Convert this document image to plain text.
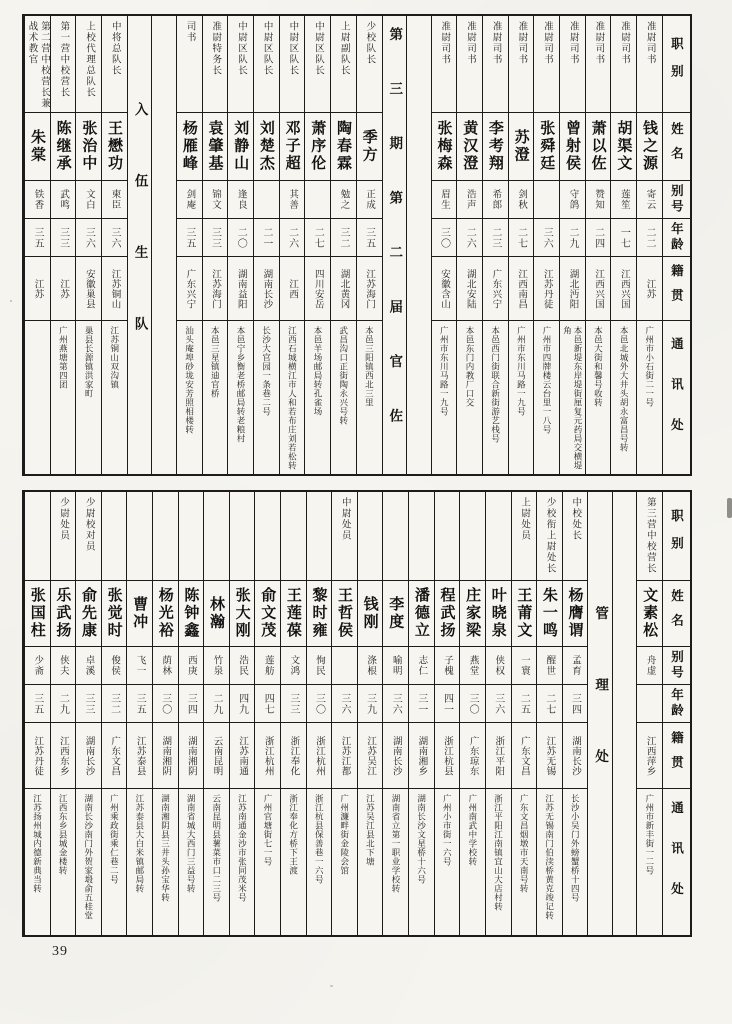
职别
姓名
别号
年龄
籍贯
通讯处
准尉司书
钱之源
寄云
二二
江苏
广州市小石街二一号
准尉司书
胡渠文
莲笙
一七
江西兴国
本邑北城外大井头胡永富昌号转
准尉司书
萧以佐
赞知
二四
江西兴国
本邑大街和馨号收转
准尉司书
曾射侯
守鸽
二九
湖北沔阳
本邑新堤东岸堤街厘复元药局交横堤角
准尉司书
张舜廷
三六
江苏丹徒
广州市四牌楼云台里一八号
准尉司书
苏澄
剑秋
二七
江西南昌
广州市东川马路一九号
准尉司书
李考翔
希郎
二三
广东兴宁
本邑西门街联合新街游艺栈号
准尉司书
黄汉澄
浩声
二六
湖北安陆
本邑东门内教厂口交
准尉司书
张梅森
眉生
三〇
安徽含山
广州市东川马路一九号
第三期第二届官佐
少校队长
季方
正成
三五
江苏海门
本邑三阳镇西北三里
上尉副队长
陶春霖
勉之
三二
湖北黄冈
武昌沟口正街陶永兴号转
中尉区队长
萧序伦
二七
四川安岳
本邑羊场邮局转孔雀场
中尉区队长
邓子超
其善
二六
江西
江西石城横江市人和若布庄刘若松转
中尉区队长
刘楚杰
二一
湖南长沙
长沙大官园一条巷二号
中尉区队长
刘静山
逢良
二〇
湖南益阳
本邑宁乡衡老桥邮局转老粮村
准尉特务长
袁肇基
锦文
三三
江苏海门
本邑三星镇迪官桥
司书
杨雁峰
剑庵
三五
广东兴宁
汕头庵埠砂垅安芳照相楼转
入伍生队
中将总队长
王懋功
柬臣
三六
江苏铜山
江苏铜山双沟镇
上校代理总队长
张治中
文白
三六
安徽巢县
巢县长源镇洪家町
第一营中校营长
陈继承
武鸣
三三
江苏
广州燕塘第四团
第二营中校营长兼战术教官
朱棠
铁香
三五
江苏
职别
姓名
别号
年龄
籍贯
通讯处
第三营中校营长
文素松
舟虚
江西萍乡
广州市新丰街一二号
管理处
中校处长
杨膺谓
孟育
三四
湖南长沙
长沙小吴门外螃蟹桥十四号
少校衔上尉处长
朱一鸣
醒世
二七
江苏无锡
江苏无锡南门伯渎桥黄克竣记转
上尉处员
王莆文
一寰
二五
广东文昌
广东文昌烟墩市天南号转
叶晓泉
侠权
三六
浙江平阳
浙江平阳江南镇宜山大店村转
庄家梁
燕堂
三〇
广东琼东
广州南武中学校转
程武扬
子槐
四一
浙江杭县
广州小市街一六号
潘德立
志仁
三一
湖南湘乡
湖南长沙文星桥十六号
李度
喻明
三六
湖南长沙
湖南省立第一职业学校转
钱刚
涤根
三九
江苏吴江
江苏吴江县北下塘
中尉处员
王哲侯
三六
江苏江都
广州濂畔街金陵会馆
黎时雍
恂民
三〇
浙江杭州
浙江杭县保善巷一六号
王莲葆
文鸿
三三
浙江奉化
浙江奉化方桥下王渡
俞文茂
莲舫
四七
浙江杭州
广州官塘街七一号
张大刚
浩民
四九
江苏南通
江苏南通金沙市张同茂米号
林瀚
竹泉
二九
云南昆明
云南昆明县薯菜市口二三号
陈钟鑫
西庚
三四
湖南湘阴
湖南省城大西门三益号转
杨光裕
荫林
三〇
湖南湘阴
湖南湘阴县三井头孙宝华转
曹冲
飞一
三五
江苏泰县
江苏泰县大白米镇邮局转
张觉时
俊侯
三二
广东文昌
广州乘政街乘仁巷二号
少尉校对员
俞先康
卓溪
三三
湖南长沙
湖南长沙南门外贺家塅俞五桂堂
少尉处员
乐武扬
侠夫
二九
江西东乡
江西东乡县城金楼转
张国柱
少斋
三五
江苏丹徒
江苏扬州城内德新典当转
39
